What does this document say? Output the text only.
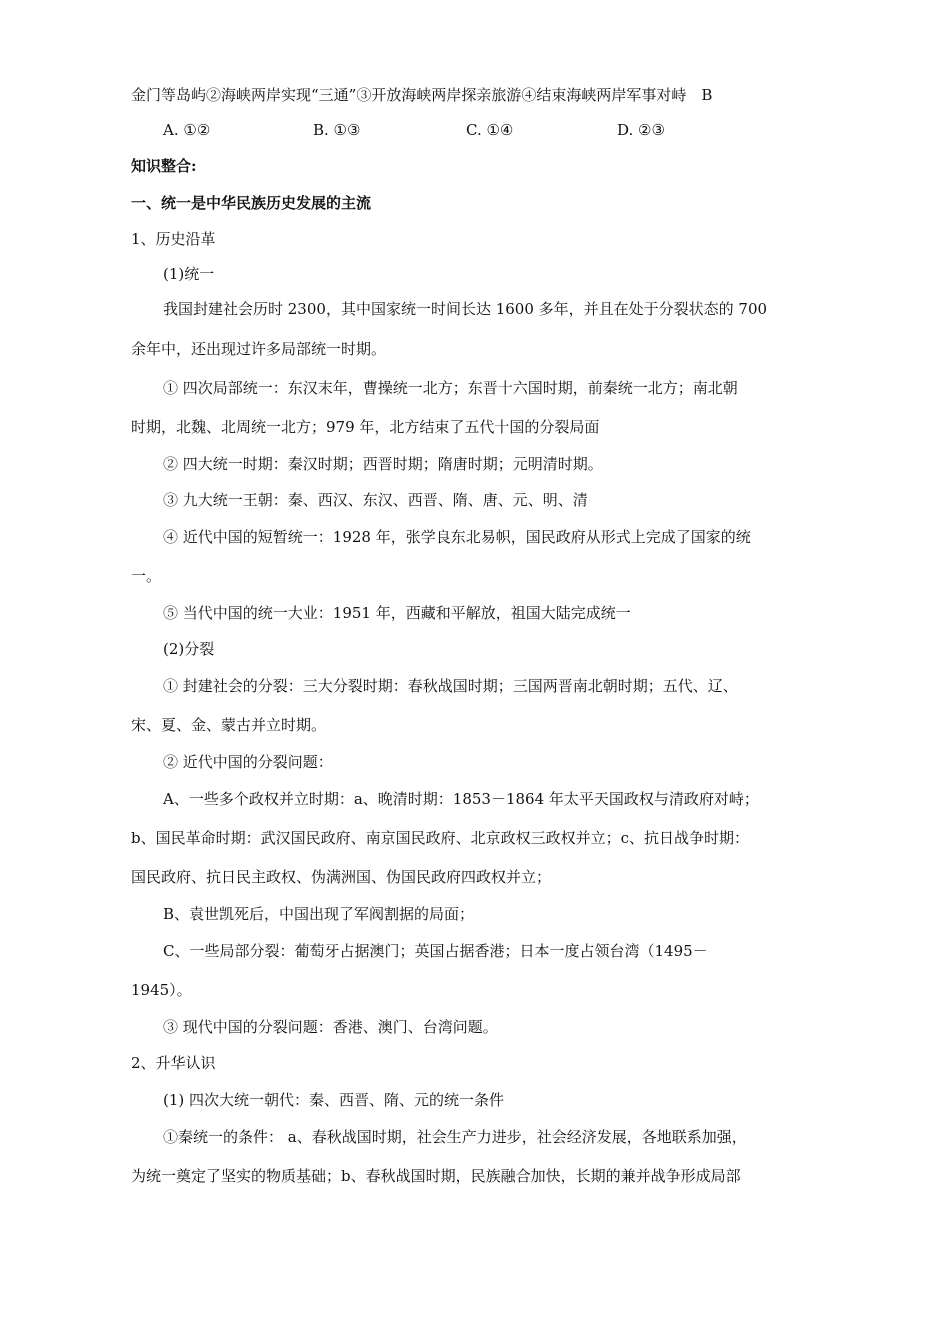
金门等岛屿②海峡两岸实现“三通”③开放海峡两岸探亲旅游④结束海峡两岸军事对峙　B
A. ①②	B. ①③	C. ①④	D. ②③
知识整合:
一、统一是中华民族历史发展的主流
1、历史沿革
(1)统一
我国封建社会历时 2300，其中国家统一时间长达 1600 多年，并且在处于分裂状态的 700
余年中，还出现过许多局部统一时期。
① 四次局部统一：东汉末年，曹操统一北方；东晋十六国时期，前秦统一北方；南北朝
时期，北魏、北周统一北方；979 年，北方结束了五代十国的分裂局面
② 四大统一时期：秦汉时期；西晋时期；隋唐时期；元明清时期。
③ 九大统一王朝：秦、西汉、东汉、西晋、隋、唐、元、明、清
④ 近代中国的短暂统一：1928 年，张学良东北易帜，国民政府从形式上完成了国家的统
一。
⑤ 当代中国的统一大业：1951 年，西藏和平解放，祖国大陆完成统一
(2)分裂
① 封建社会的分裂：三大分裂时期：春秋战国时期；三国两晋南北朝时期；五代、辽、
宋、夏、金、蒙古并立时期。
② 近代中国的分裂问题：
A、一些多个政权并立时期：a、晚清时期：1853－1864 年太平天国政权与清政府对峙；
b、国民革命时期：武汉国民政府、南京国民政府、北京政权三政权并立；c、抗日战争时期：
国民政府、抗日民主政权、伪满洲国、伪国民政府四政权并立；
B、袁世凯死后，中国出现了军阀割据的局面；
C、一些局部分裂：葡萄牙占据澳门；英国占据香港；日本一度占领台湾（1495－
1945）。
③ 现代中国的分裂问题：香港、澳门、台湾问题。
2、升华认识
(1) 四次大统一朝代：秦、西晋、隋、元的统一条件
①秦统一的条件： a、春秋战国时期，社会生产力进步，社会经济发展，各地联系加强，
为统一奠定了坚实的物质基础；b、春秋战国时期，民族融合加快，长期的兼并战争形成局部
